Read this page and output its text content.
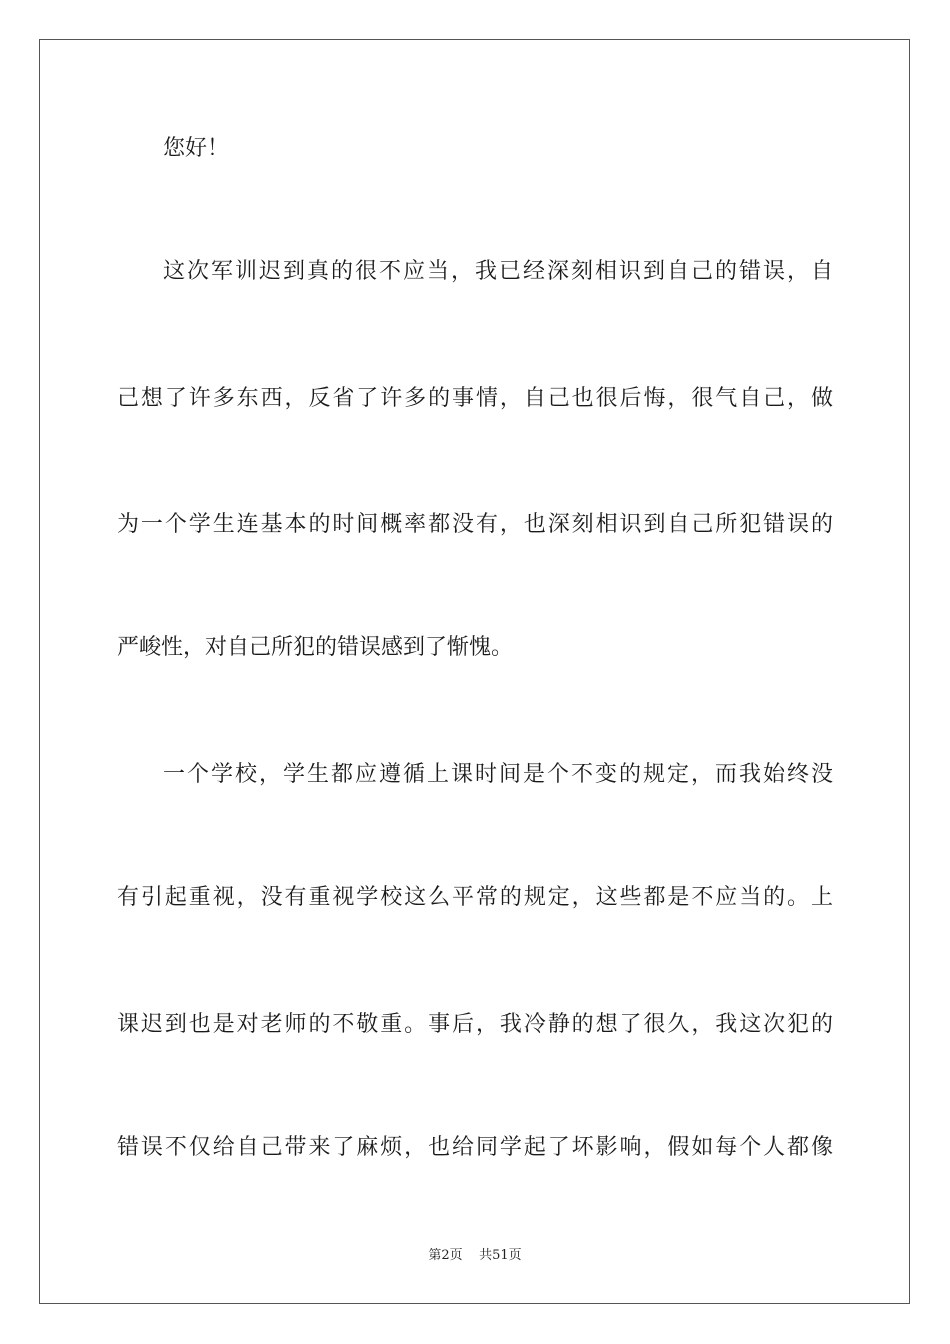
您好！
这次军训迟到真的很不应当，我已经深刻相识到自己的错误，自
己想了许多东西，反省了许多的事情，自己也很后悔，很气自己，做
为一个学生连基本的时间概率都没有，也深刻相识到自己所犯错误的
严峻性，对自己所犯的错误感到了惭愧。
一个学校，学生都应遵循上课时间是个不变的规定，而我始终没
有引起重视，没有重视学校这么平常的规定，这些都是不应当的。上
课迟到也是对老师的不敬重。事后，我冷静的想了很久，我这次犯的
错误不仅给自己带来了麻烦，也给同学起了坏影响，假如每个人都像
第2页 共51页
